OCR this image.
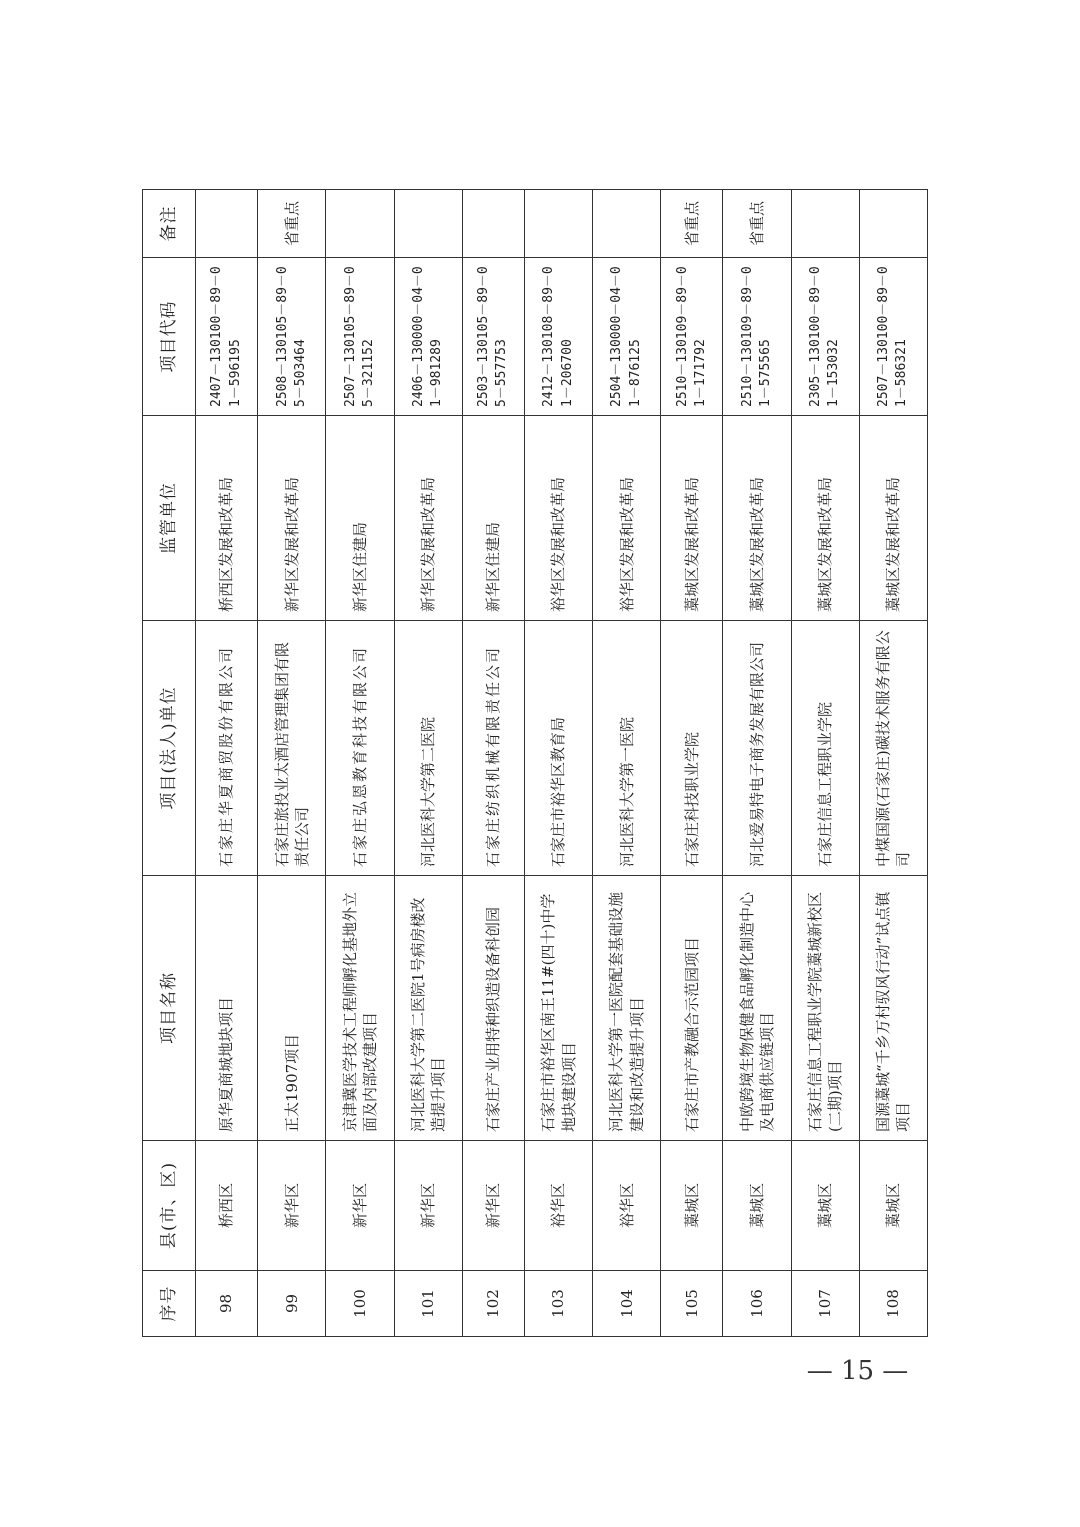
序号	县(市、区)	项目名称	项目(法人)单位	监管单位	项目代码	备注
98	桥西区	原华夏商城地块项目	石家庄华夏商贸股份有限公司	桥西区发展和改革局	2407－130100－89－01－596195	
99	新华区	正太1907项目	石家庄旅投业太酒店管理集团有限责任公司	新华区发展和改革局	2508－130105－89－05－503464	省重点
100	新华区	京津冀医学技术工程师孵化基地外立面及内部改建项目	石家庄弘恩教育科技有限公司	新华区住建局	2507－130105－89－05－321152	
101	新华区	河北医科大学第二医院1号病房楼改造提升项目	河北医科大学第二医院	新华区发展和改革局	2406－130000－04－01－981289	
102	新华区	石家庄产业用特种织造设备科创园	石家庄纺织机械有限责任公司	新华区住建局	2503－130105－89－05－557753	
103	裕华区	石家庄市裕华区南王11#(四十)中学地块建设项目	石家庄市裕华区教育局	裕华区发展和改革局	2412－130108－89－01－206700	
104	裕华区	河北医科大学第一医院配套基础设施建设和改造提升项目	河北医科大学第一医院	裕华区发展和改革局	2504－130000－04－01－876125	
105	藁城区	石家庄市产教融合示范园项目	石家庄科技职业学院	藁城区发展和改革局	2510－130109－89－01－171792	省重点
106	藁城区	中欧跨境生物保健食品孵化制造中心及电商供应链项目	河北爱易特电子商务发展有限公司	藁城区发展和改革局	2510－130109－89－01－575565	省重点
107	藁城区	石家庄信息工程职业学院藁城新校区(二期)项目	石家庄信息工程职业学院	藁城区发展和改革局	2305－130100－89－01－153032	
108	藁城区	国源藁城“千乡万村驭风行动”试点镇项目	中煤国源(石家庄)碳技术服务有限公司	藁城区发展和改革局	2507－130100－89－01－586321	
— 15 —
